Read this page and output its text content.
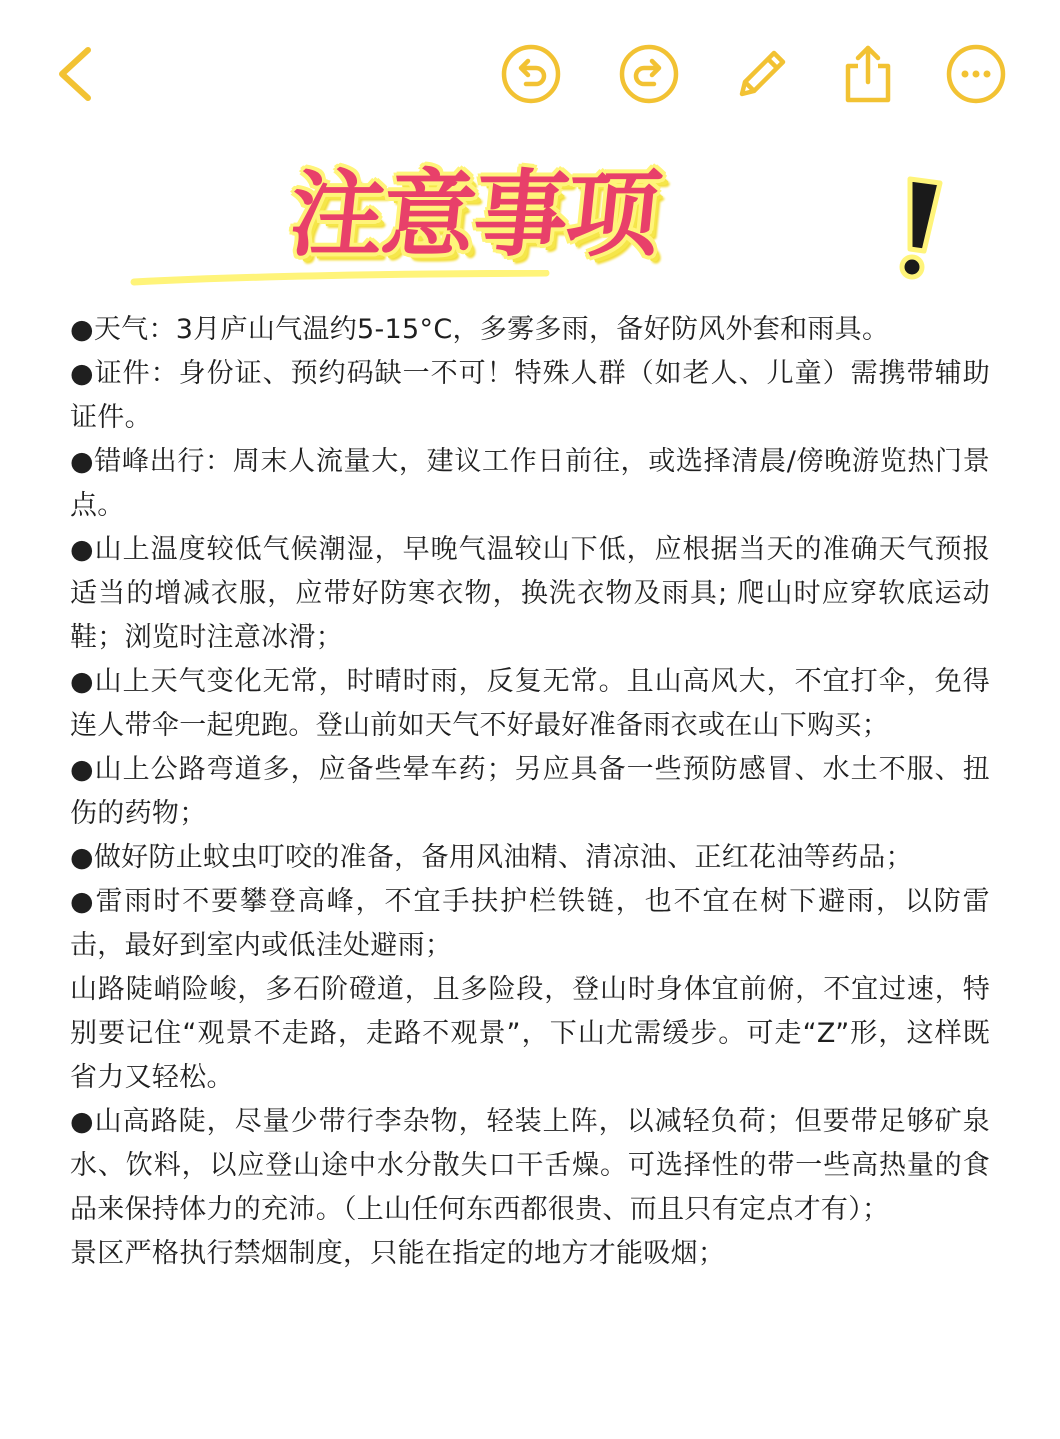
注意事项

●天气：3月庐山气温约5-15°C，多雾多雨，备好防风外套和雨具。

●证件：身份证、预约码缺一不可！特殊人群（如老人、儿童）需携带辅助证件。

●错峰出行：周末人流量大，建议工作日前往，或选择清晨/傍晚游览热门景点。

●山上温度较低气候潮湿，早晚气温较山下低，应根据当天的准确天气预报适当的增减衣服，应带好防寒衣物，换洗衣物及雨具; 爬山时应穿软底运动鞋；浏览时注意冰滑；

●山上天气变化无常，时晴时雨，反复无常。且山高风大，不宜打伞，免得连人带伞一起兜跑。登山前如天气不好最好准备雨衣或在山下购买；

●山上公路弯道多，应备些晕车药；另应具备一些预防感冒、水土不服、扭伤的药物；

●做好防止蚊虫叮咬的准备，备用风油精、清凉油、正红花油等药品；

●雷雨时不要攀登高峰，不宜手扶护栏铁链，也不宜在树下避雨，以防雷击，最好到室内或低洼处避雨；

山路陡峭险峻，多石阶磴道，且多险段，登山时身体宜前俯，不宜过速，特别要记住“观景不走路，走路不观景”，下山尤需缓步。可走“Z”形，这样既省力又轻松。

●山高路陡，尽量少带行李杂物，轻装上阵，以减轻负荷；但要带足够矿泉水、饮料，以应登山途中水分散失口干舌燥。可选择性的带一些高热量的食品来保持体力的充沛。（上山任何东西都很贵、而且只有定点才有）；

景区严格执行禁烟制度，只能在指定的地方才能吸烟；
